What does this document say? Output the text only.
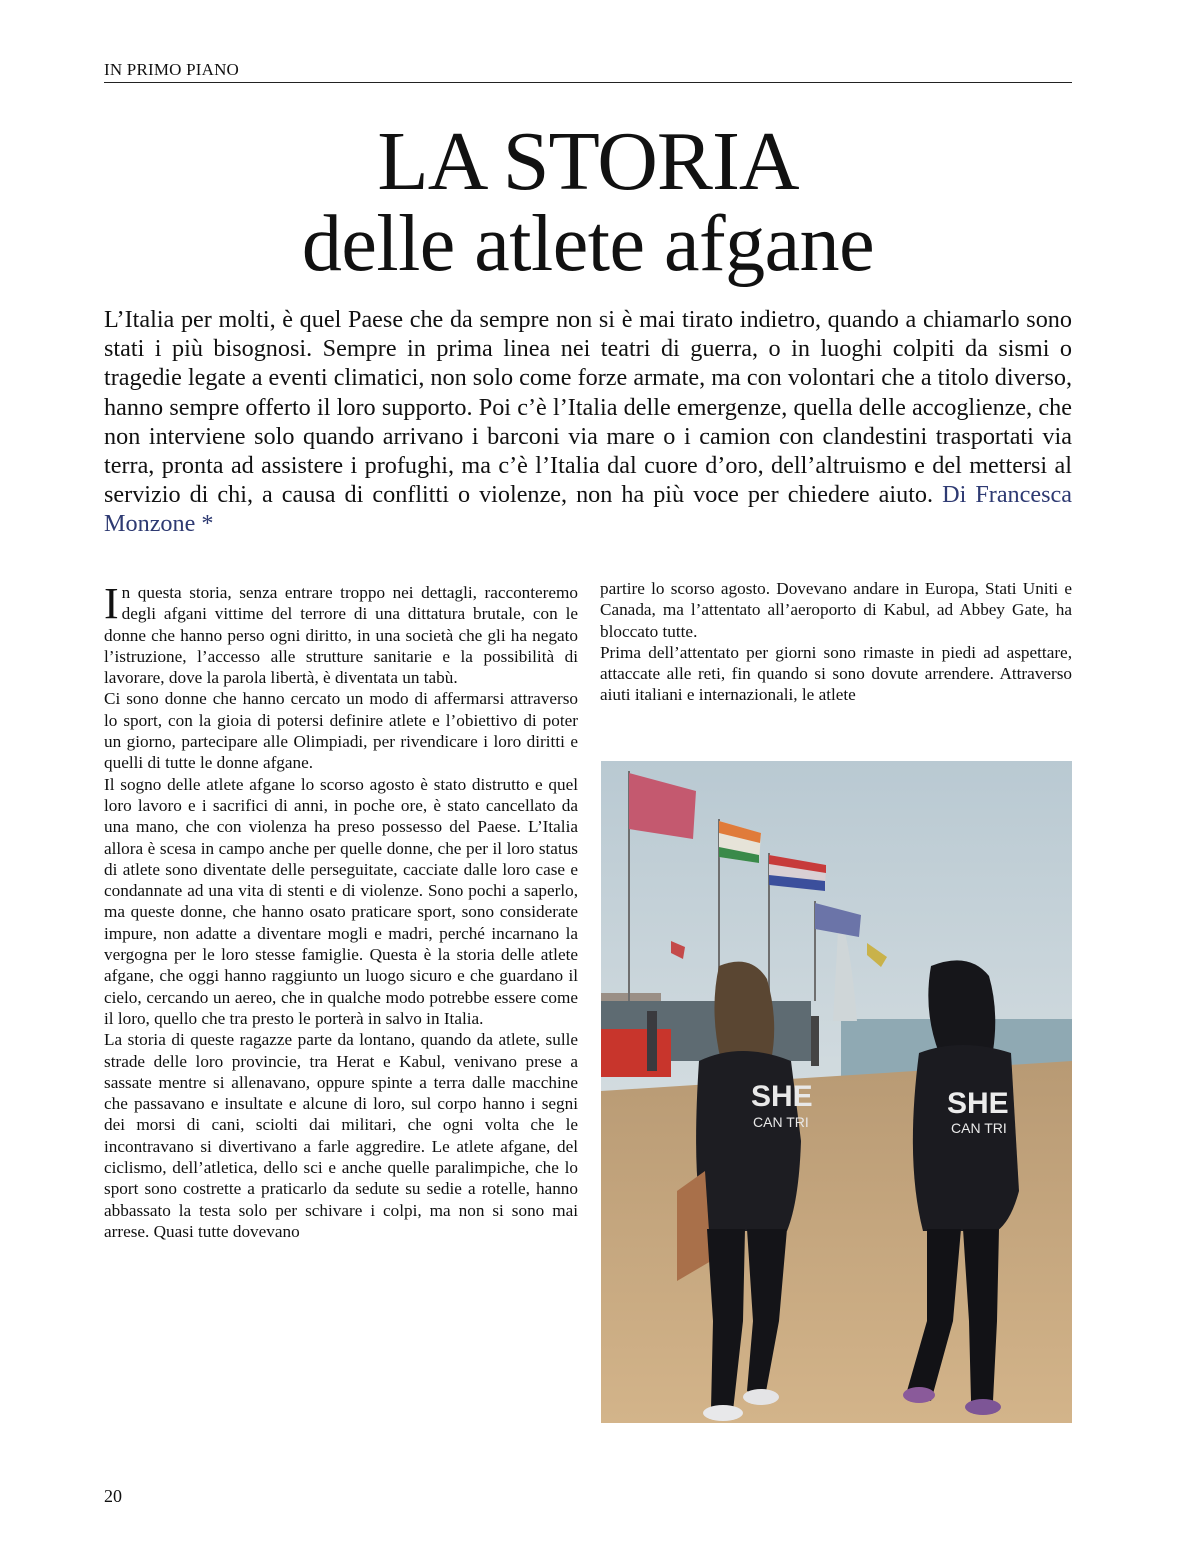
IN PRIMO PIANO
LA STORIA
delle atlete afgane

L’Italia per molti, è quel Paese che da sempre non si è mai tirato indietro, quando a chiamarlo sono stati i più bisognosi. Sempre in prima linea nei teatri di guerra, o in luoghi colpiti da sismi o tragedie legate a eventi climatici, non solo come forze armate, ma con volontari che a titolo diverso, hanno sempre offerto il loro supporto. Poi c’è l’Italia delle emergenze, quella delle accoglienze, che non interviene solo quando arrivano i barconi via mare o i camion con clandestini trasportati via terra, pronta ad assistere i profughi, ma c’è l’Italia dal cuore d’oro, dell’altruismo e del mettersi al servizio di chi, a causa di conflitti o violenze, non ha più voce per chiedere aiuto. Di Francesca Monzone *

In questa storia, senza entrare troppo nei dettagli, racconteremo degli afgani vittime del terrore di una dittatura brutale, con le donne che hanno perso ogni diritto, in una società che gli ha negato l’istruzione, l’accesso alle strutture sanitarie e la possibilità di lavorare, dove la parola libertà, è diventata un tabù.

Ci sono donne che hanno cercato un modo di affermarsi attraverso lo sport, con la gioia di potersi definire atlete e l’obiettivo di poter un giorno, partecipare alle Olimpiadi, per rivendicare i loro diritti e quelli di tutte le donne afgane.

Il sogno delle atlete afgane lo scorso agosto è stato distrutto e quel loro lavoro e i sacrifici di anni, in poche ore, è stato cancellato da una mano, che con violenza ha preso possesso del Paese. L’Italia allora è scesa in campo anche per quelle donne, che per il loro status di atlete sono diventate delle perseguitate, cacciate dalle loro case e condannate ad una vita di stenti e di violenze. Sono pochi a saperlo, ma queste donne, che hanno osato praticare sport, sono considerate impure, non adatte a diventare mogli e madri, perché incarnano la vergogna per le loro stesse famiglie. Questa è la storia delle atlete afgane, che oggi hanno raggiunto un luogo sicuro e che guardano il cielo, cercando un aereo, che in qualche modo potrebbe essere come il loro, quello che tra presto le porterà in salvo in Italia.

La storia di queste ragazze parte da lontano, quando da atlete, sulle strade delle loro provincie, tra Herat e Kabul, venivano prese a sassate mentre si allenavano, oppure spinte a terra dalle macchine che passavano e insultate e alcune di loro, sul corpo hanno i segni dei morsi di cani, sciolti dai militari, che ogni volta che le incontravano si divertivano a farle aggredire. Le atlete afgane, del ciclismo, dell’atletica, dello sci e anche quelle paralimpiche, che lo sport sono costrette a praticarlo da sedute su sedie a rotelle, hanno abbassato la testa solo per schivare i colpi, ma non si sono mai arrese. Quasi tutte dovevano

partire lo scorso agosto. Dovevano andare in Europa, Stati Uniti e Canada, ma l’attentato all’aeroporto di Kabul, ad Abbey Gate, ha bloccato tutte.

Prima dell’attentato per giorni sono rimaste in piedi ad aspettare, attaccate alle reti, fin quando si sono dovute arrendere. Attraverso aiuti italiani e internazionali, le atlete

SHE
CAN TRI
SHE
CAN TRI
20
